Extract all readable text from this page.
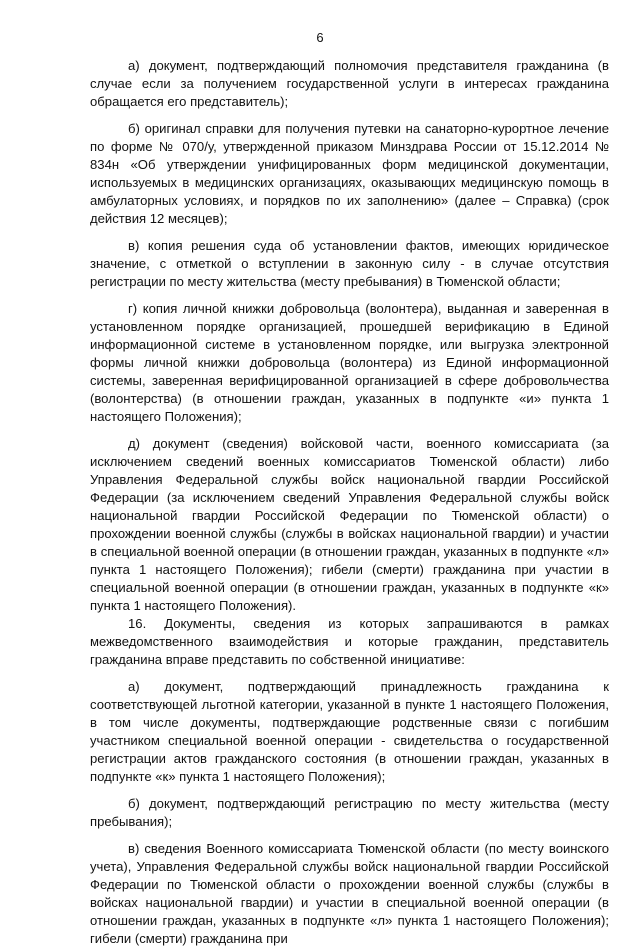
6

а) документ, подтверждающий полномочия представителя гражданина (в случае если за получением государственной услуги в интересах гражданина обращается его представитель);

б) оригинал справки для получения путевки на санаторно-курортное лечение по форме № 070/у, утвержденной приказом Минздрава России от 15.12.2014 № 834н «Об утверждении унифицированных форм медицинской документации, используемых в медицинских организациях, оказывающих медицинскую помощь в амбулаторных условиях, и порядков по их заполнению» (далее – Справка) (срок действия 12 месяцев);

в) копия решения суда об установлении фактов, имеющих юридическое значение, с отметкой о вступлении в законную силу - в случае отсутствия регистрации по месту жительства (месту пребывания) в Тюменской области;

г) копия личной книжки добровольца (волонтера), выданная и заверенная в установленном порядке организацией, прошедшей верификацию в Единой информационной системе в установленном порядке, или выгрузка электронной формы личной книжки добровольца (волонтера) из Единой информационной системы, заверенная верифицированной организацией в сфере добровольчества (волонтерства) (в отношении граждан, указанных в подпункте «и» пункта 1 настоящего Положения);

д) документ (сведения) войсковой части, военного комиссариата (за исключением сведений военных комиссариатов Тюменской области) либо Управления Федеральной службы войск национальной гвардии Российской Федерации (за исключением сведений Управления Федеральной службы войск национальной гвардии Российской Федерации по Тюменской области) о прохождении военной службы (службы в войсках национальной гвардии) и участии в специальной военной операции (в отношении граждан, указанных в подпункте «л» пункта 1 настоящего Положения); гибели (смерти) гражданина при участии в специальной военной операции (в отношении граждан, указанных в подпункте «к» пункта 1 настоящего Положения).

16. Документы, сведения из которых запрашиваются в рамках межведомственного взаимодействия и которые гражданин, представитель гражданина вправе представить по собственной инициативе:

а) документ, подтверждающий принадлежность гражданина к соответствующей льготной категории, указанной в пункте 1 настоящего Положения, в том числе документы, подтверждающие родственные связи с погибшим участником специальной военной операции - свидетельства о государственной регистрации актов гражданского состояния (в отношении граждан, указанных в подпункте «к» пункта 1 настоящего Положения);

б) документ, подтверждающий регистрацию по месту жительства (месту пребывания);

в) сведения Военного комиссариата Тюменской области (по месту воинского учета), Управления Федеральной службы войск национальной гвардии Российской Федерации по Тюменской области о прохождении военной службы (службы в войсках национальной гвардии) и участии в специальной военной операции (в отношении граждан, указанных в подпункте «л» пункта 1 настоящего Положения); гибели (смерти) гражданина при
